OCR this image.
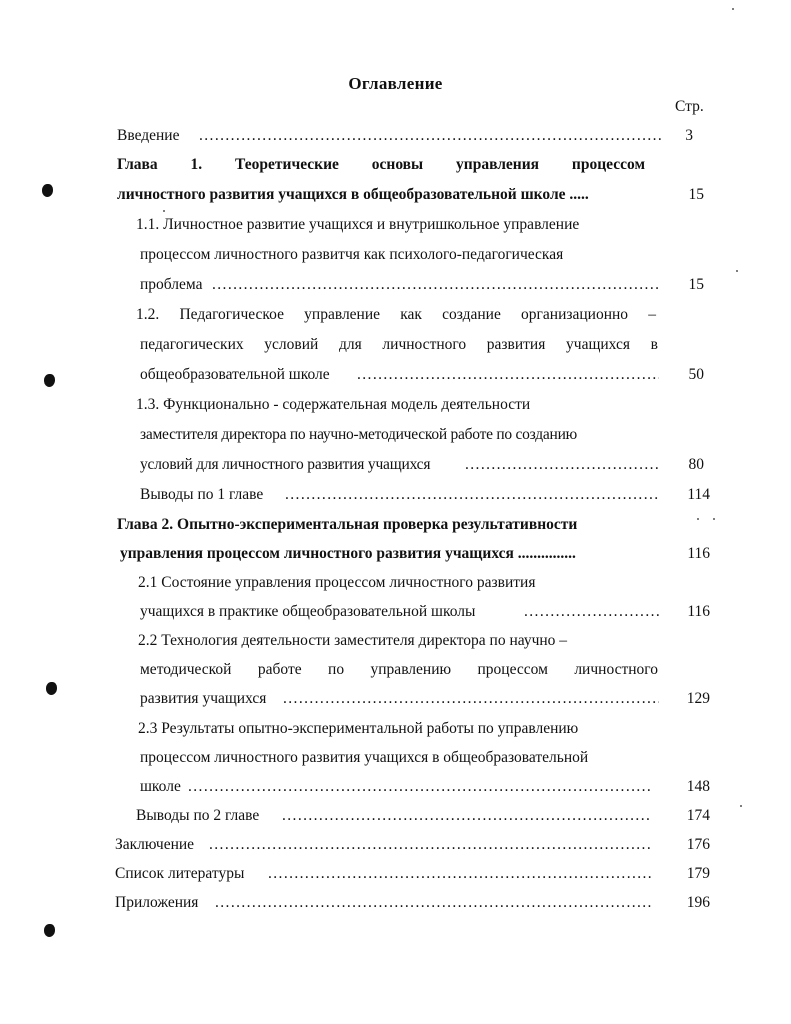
Оглавление
Стр.
Введение .....	3
Глава 1. Теоретические основы управления процессом
личностного развития учащихся в общеобразовательной школе .....	15
1.1. Личностное развитие учащихся и внутришкольное управление
процессом личностного развитчя как психолого-педагогическая
проблема .....	15
1.2. Педагогическое управление как создание организационно –
педагогических условий для личностного развития учащихся в
общеобразовательной школе .....	50
1.3. Функционально - содержательная модель деятельности
заместителя директора по научно-методической работе по созданию
условий для личностного развития учащихся .....	80
Выводы по 1 главе .....	114
Глава 2. Опытно-экспериментальная проверка результативности
управления процессом личностного развития учащихся ...............	116
2.1 Состояние управления процессом личностного развития
учащихся в практике общеобразовательной школы .....	116
2.2 Технология деятельности заместителя директора по научно –
методической работе по управлению процессом личностного
развития учащихся .....	129
2.3 Результаты опытно-экспериментальной работы по управлению
процессом личностного развития учащихся в общеобразовательной
школе .....	148
Выводы по 2 главе .....	174
Заключение .....	176
Список литературы .....	179
Приложения .....	196
